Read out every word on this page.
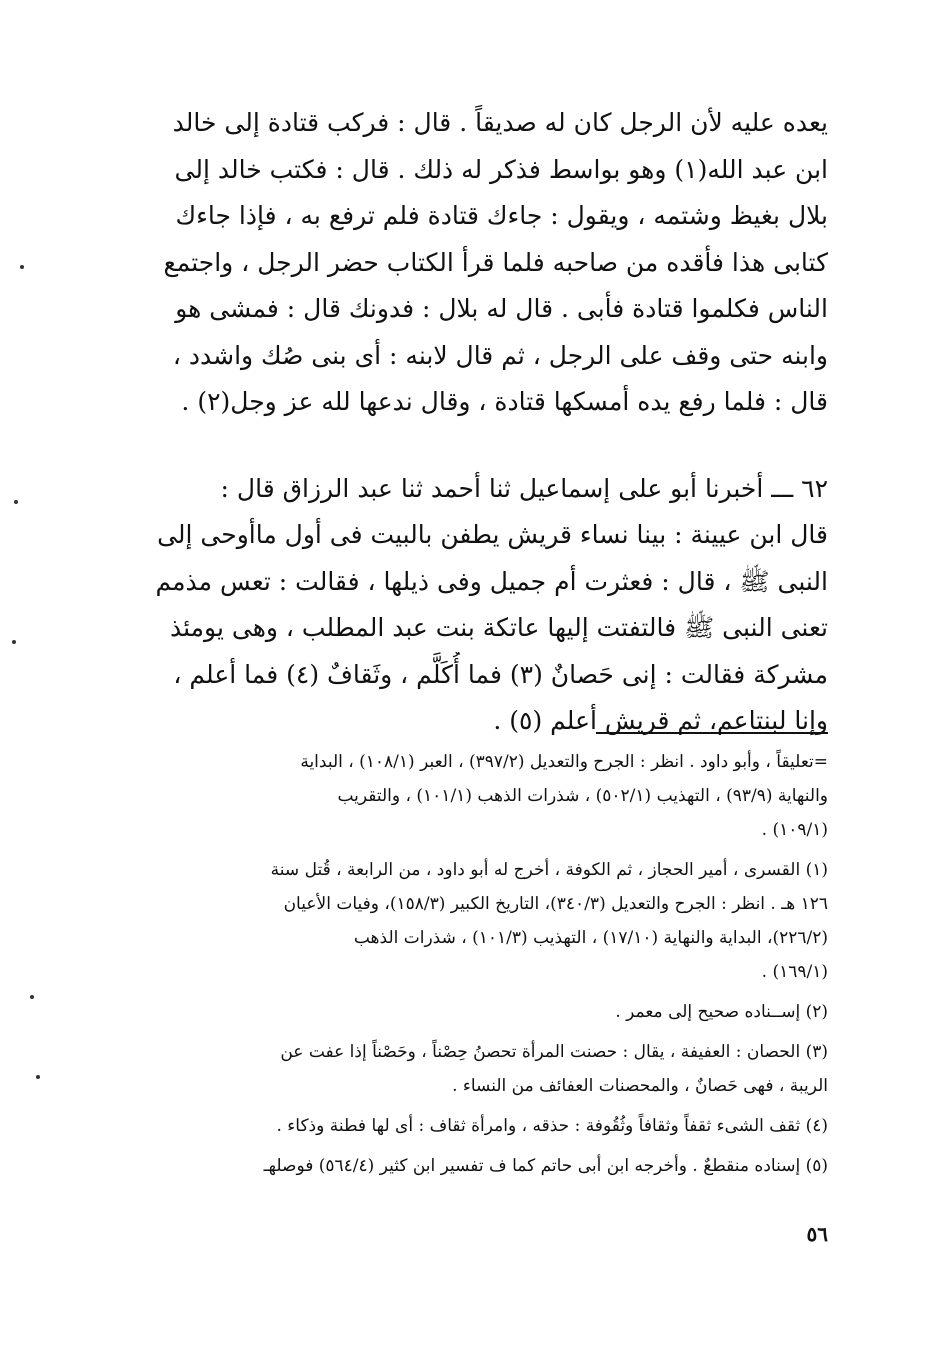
يعده عليه لأن الرجل كان له صديقاً . قال : فركب قتادة إلى خالد
ابن عبد الله(١) وهو بواسط فذكر له ذلك . قال : فكتب خالد إلى
بلال بغيظ وشتمه ، ويقول : جاءك قتادة فلم ترفع به ، فإذا جاءك
كتابى هذا فأقده من صاحبه فلما قرأ الكتاب حضر الرجل ، واجتمع
الناس فكلموا قتادة فأبى . قال له بلال : فدونك قال : فمشى هو
وابنه حتى وقف على الرجل ، ثم قال لابنه : أى بنى صُك واشدد ،
قال : فلما رفع يده أمسكها قتادة ، وقال ندعها لله عز وجل(٢) .

٦٢ ـــ أخبرنا أبو على إسماعيل ثنا أحمد ثنا عبد الرزاق قال :
قال ابن عيينة : بينا نساء قريش يطفن بالبيت فى أول ماأوحى إلى
النبى ﷺ ، قال : فعثرت أم جميل وفى ذيلها ، فقالت : تعس مذمم
تعنى النبى ﷺ فالتفتت إليها عاتكة بنت عبد المطلب ، وهى يومئذ
مشركة فقالت : إنى حَصانٌ (٣) فما أُكَلَّم ، وثَقافٌ (٤) فما أعلم ،
وإنا لبنتاعم، ثم قريش أعلم (٥) .

=تعليقاً ، وأبو داود . انظر : الجرح والتعديل (٣٩٧/٢) ، العبر (١٠٨/١) ، البداية
والنهاية (٩٣/٩) ، التهذيب (٥٠٢/١) ، شذرات الذهب (١٠١/١) ، والتقريب
(١٠٩/١) .

(١) القسرى ، أمير الحجاز ، ثم الكوفة ، أخرج له أبو داود ، من الرابعة ، قُتل سنة
١٢٦ هـ . انظر : الجرح والتعديل (٣٤٠/٣)، التاريخ الكبير (١٥٨/٣)، وفيات الأعيان
(٢٢٦/٢)، البداية والنهاية (١٧/١٠) ، التهذيب (١٠١/٣) ، شذرات الذهب
(١٦٩/١) .

(٢) إســناده صحيح إلى معمر .

(٣) الحصان : العفيفة ، يقال : حصنت المرأة تحصنُ حِصْناً ، وحَصْناً إذا عفت عن
الريبة ، فهى حَصانٌ ، والمحصنات العفائف من النساء .

(٤) ثقف الشىء ثقفاً وثقافاً وثُقُوفة : حذقه ، وامرأة ثقاف : أى لها فطنة وذكاء .

(٥) إسناده منقطعٌ . وأخرجه ابن أبى حاتم كما ف تفسير ابن كثير (٥٦٤/٤) فوصلهـ

٥٦
